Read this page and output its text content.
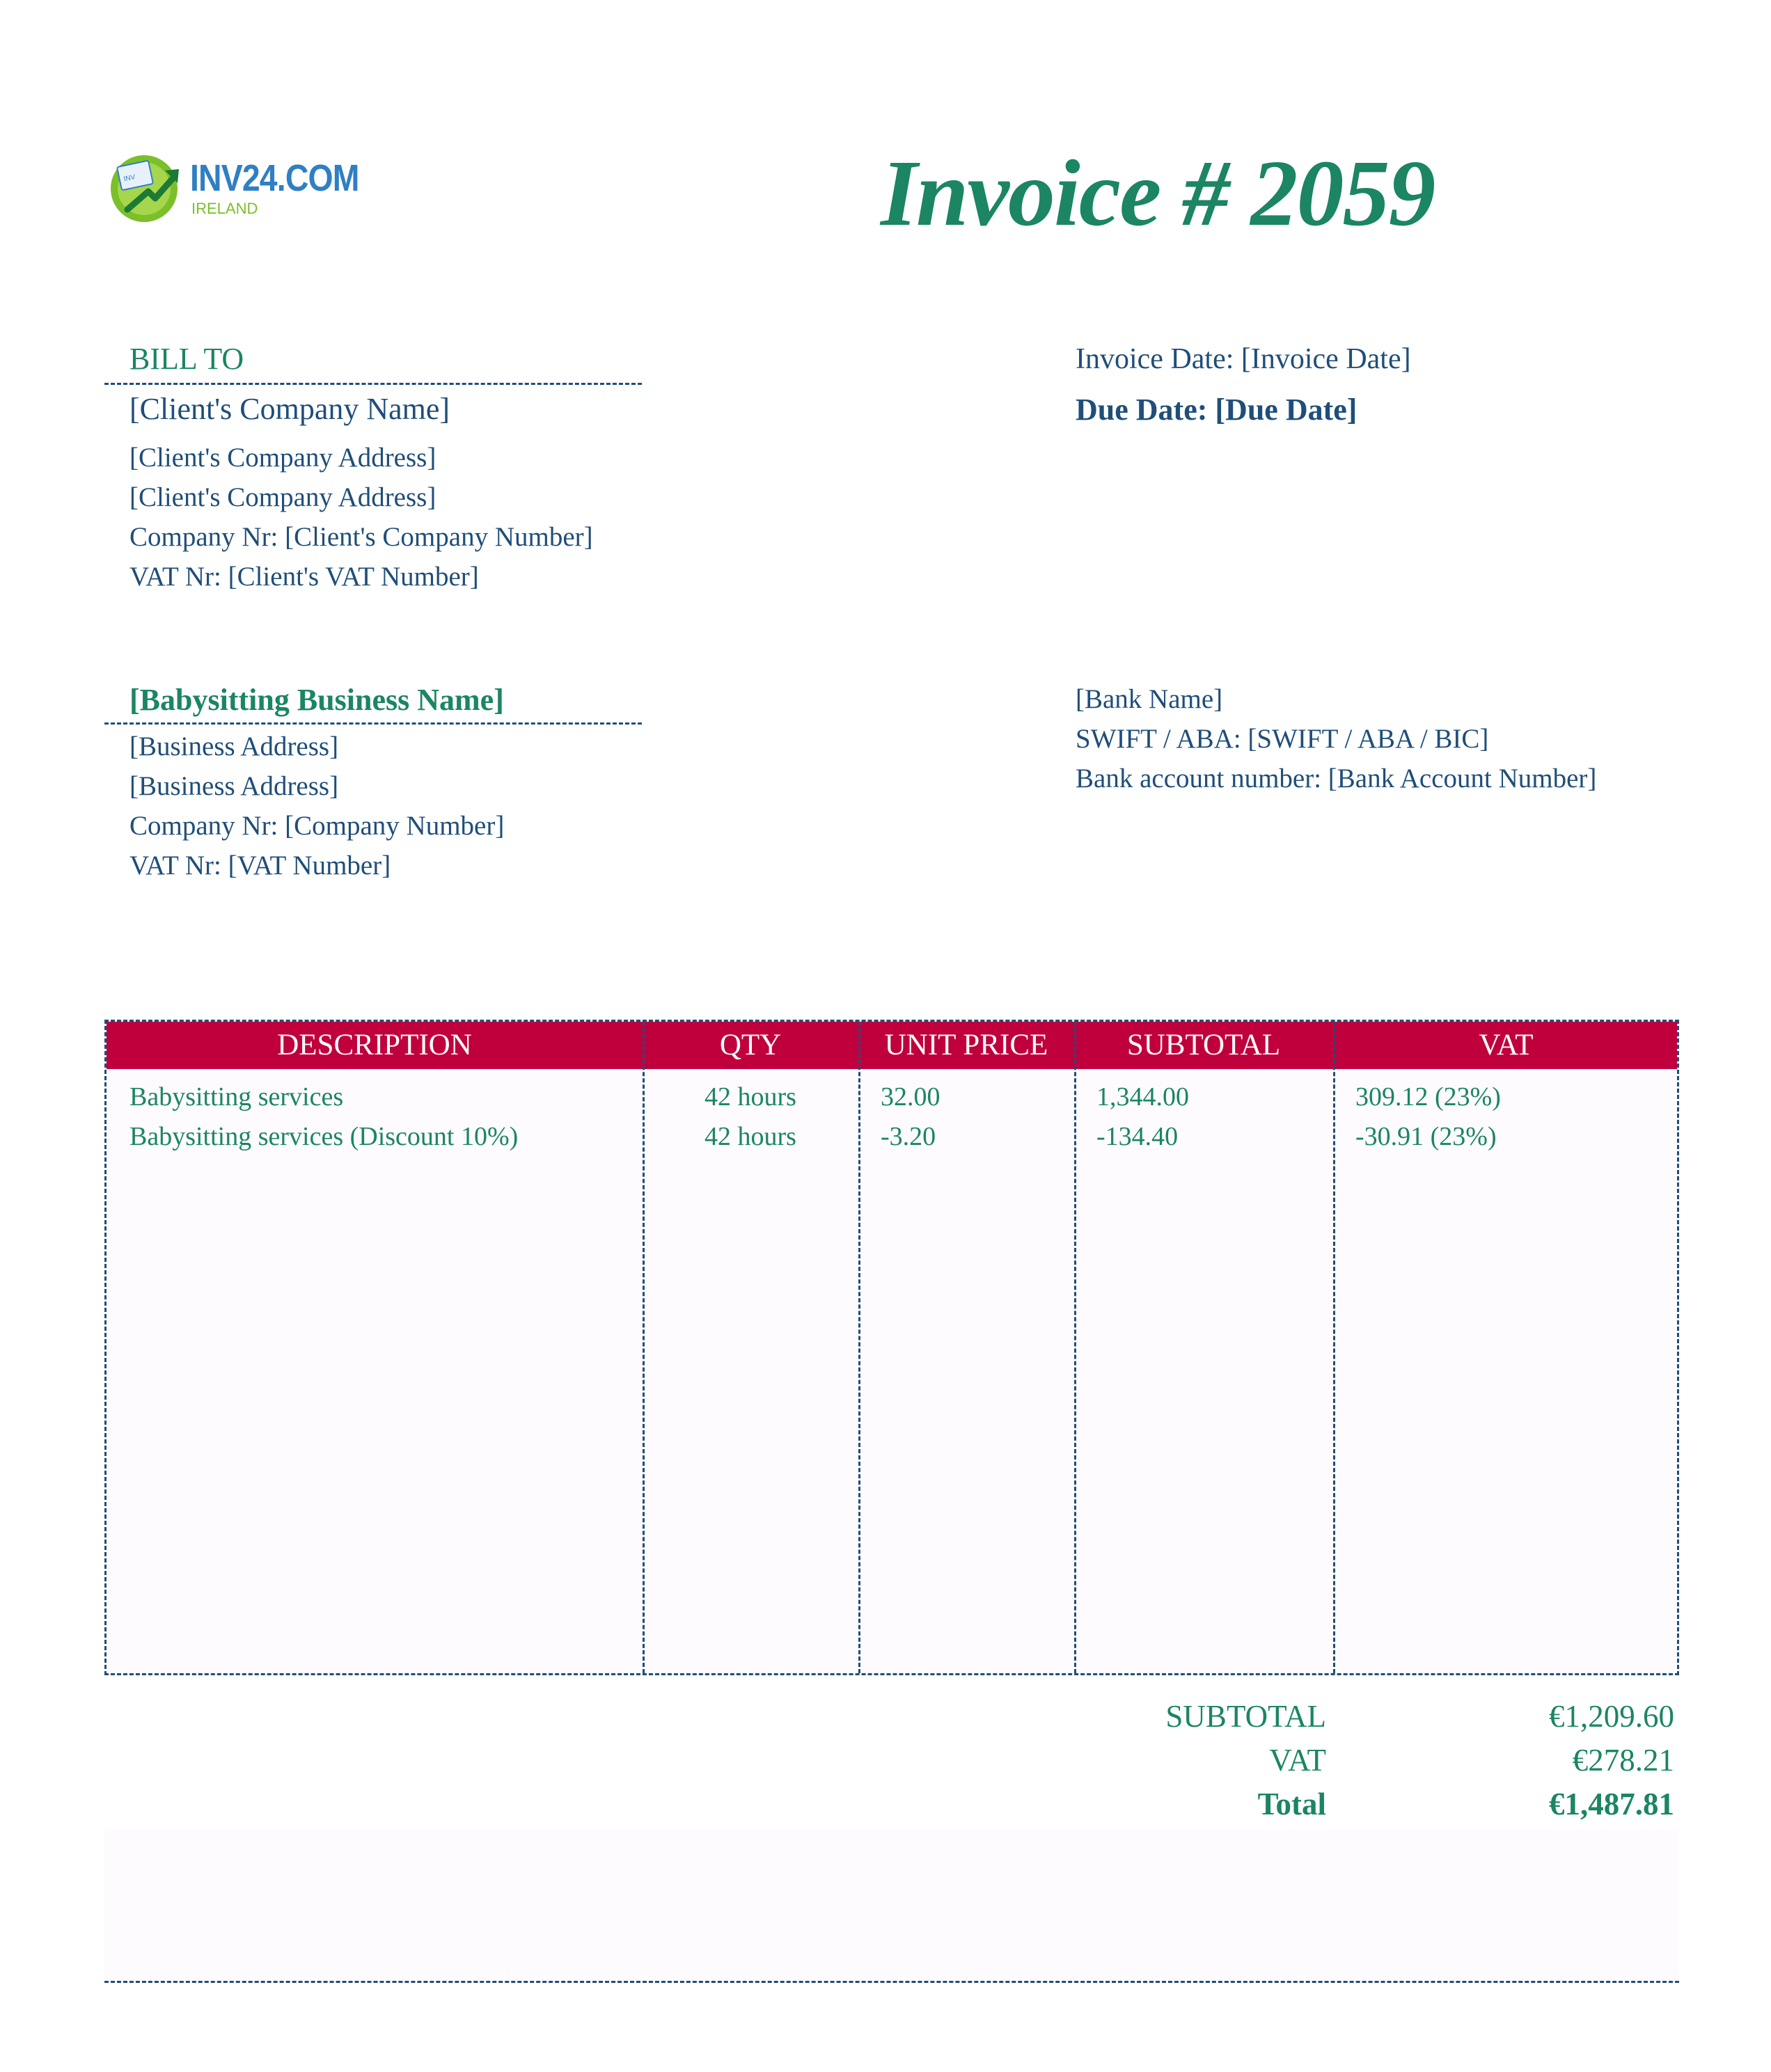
INV INV24.COM
IRELAND	Invoice # 2059
BILL TO
[Client's Company Name]
[Client's Company Address]
[Client's Company Address]
Company Nr: [Client's Company Number]
VAT Nr: [Client's VAT Number]
Invoice Date: [Invoice Date]
Due Date: [Due Date]
[Babysitting Business Name]
[Business Address]
[Business Address]
Company Nr: [Company Number]
VAT Nr: [VAT Number]
[Bank Name]
SWIFT / ABA: [SWIFT / ABA / BIC]
Bank account number: [Bank Account Number]
DESCRIPTION	QTY	UNIT PRICE	SUBTOTAL	VAT
Babysitting services	42 hours	32.00	1,344.00	309.12 (23%)
Babysitting services (Discount 10%)	42 hours	-3.20	-134.40	-30.91 (23%)
SUBTOTAL	€1,209.60
VAT	€278.21
Total	€1,487.81
